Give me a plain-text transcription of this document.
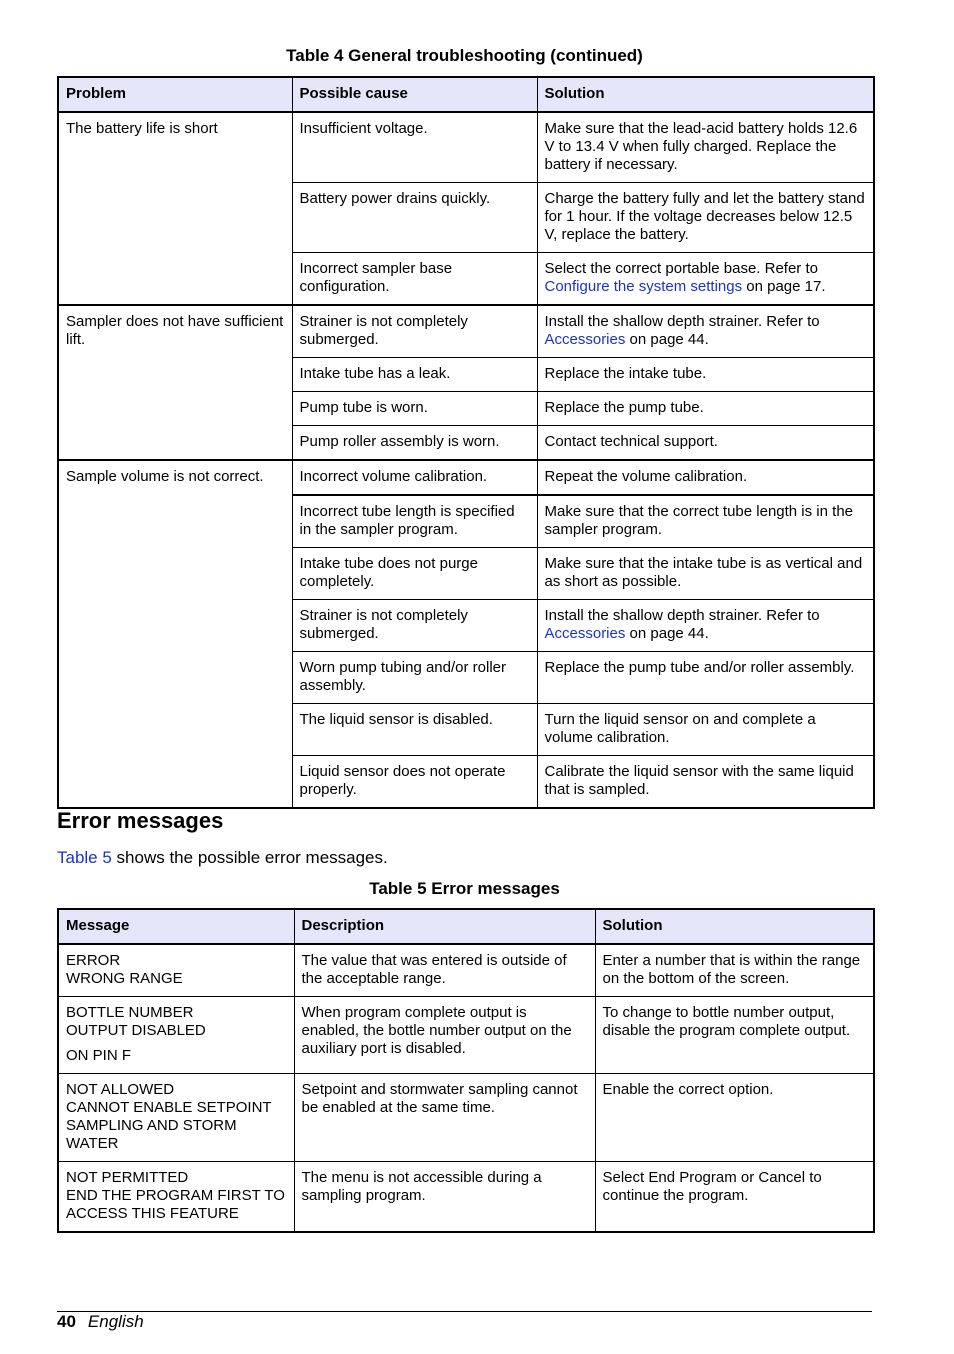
Table 4 General troubleshooting (continued)
Problem	Possible cause	Solution
The battery life is short	Insufficient voltage.	Make sure that the lead-acid battery holds 12.6 V to 13.4 V when fully charged. Replace the battery if necessary.
	Battery power drains quickly.	Charge the battery fully and let the battery stand for 1 hour. If the voltage decreases below 12.5 V, replace the battery.
	Incorrect sampler base configuration.	Select the correct portable base. Refer to Configure the system settings on page 17.
Sampler does not have sufficient lift.	Strainer is not completely submerged.	Install the shallow depth strainer. Refer to Accessories on page 44.
	Intake tube has a leak.	Replace the intake tube.
	Pump tube is worn.	Replace the pump tube.
	Pump roller assembly is worn.	Contact technical support.
Sample volume is not correct.	Incorrect volume calibration.	Repeat the volume calibration.
	Incorrect tube length is specified in the sampler program.	Make sure that the correct tube length is in the sampler program.
	Intake tube does not purge completely.	Make sure that the intake tube is as vertical and as short as possible.
	Strainer is not completely submerged.	Install the shallow depth strainer. Refer to Accessories on page 44.
	Worn pump tubing and/or roller assembly.	Replace the pump tube and/or roller assembly.
	The liquid sensor is disabled.	Turn the liquid sensor on and complete a volume calibration.
	Liquid sensor does not operate properly.	Calibrate the liquid sensor with the same liquid that is sampled.
Error messages
Table 5 shows the possible error messages.
Table 5 Error messages
Message	Description	Solution

ERROR
WRONG RANGE	The value that was entered is outside of the acceptable range.	Enter a number that is within the range on the bottom of the screen.

BOTTLE NUMBER
OUTPUT DISABLED
ON PIN F	When program complete output is enabled, the bottle number output on the auxiliary port is disabled.	To change to bottle number output, disable the program complete output.

NOT ALLOWED
CANNOT ENABLE SETPOINT SAMPLING AND STORM WATER	Setpoint and stormwater sampling cannot be enabled at the same time.	Enable the correct option.

NOT PERMITTED
END THE PROGRAM FIRST TO ACCESS THIS FEATURE	The menu is not accessible during a sampling program.	Select End Program or Cancel to continue the program.
40 English
